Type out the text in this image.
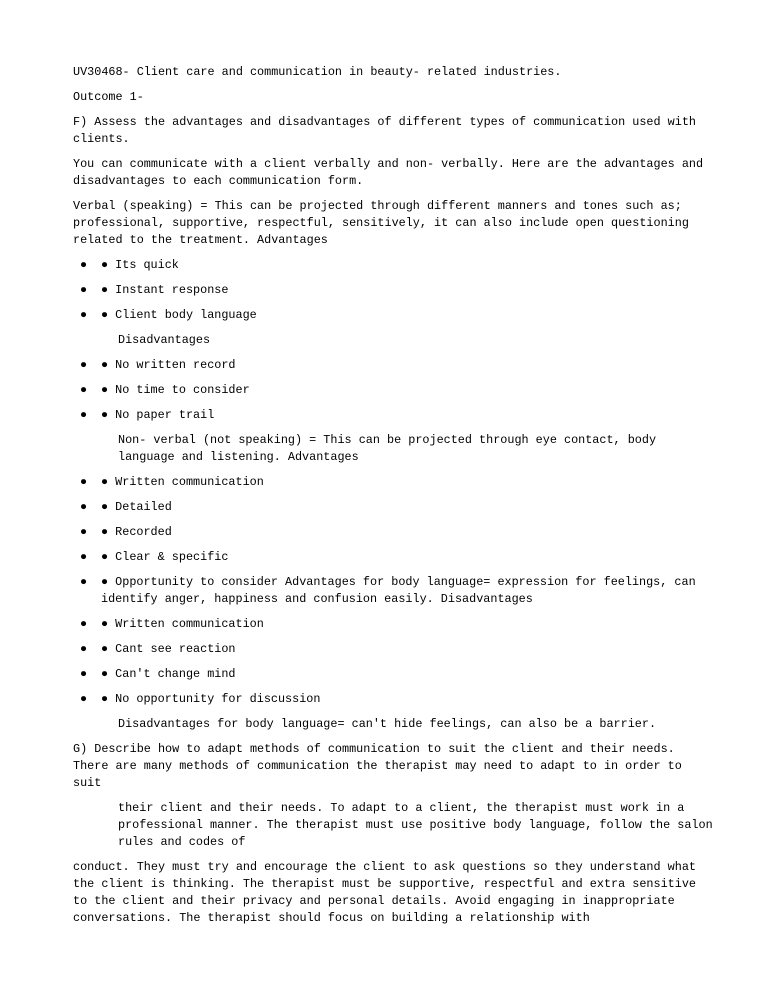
UV30468- Client care and communication in beauty- related industries.
Outcome 1-
F) Assess the advantages and disadvantages of different types of communication used with clients.
You can communicate with a client verbally and non- verbally. Here are the advantages and disadvantages to each communication form.
Verbal (speaking) = This can be projected through different manners and tones such as; professional, supportive, respectful, sensitively, it can also include open questioning related to the treatment. Advantages
● ● Its quick
● ● Instant response
● ● Client body language
Disadvantages
● ● No written record
● ● No time to consider
● ● No paper trail
Non- verbal (not speaking) = This can be projected through eye contact, body language and listening. Advantages
● ● Written communication
● ● Detailed
● ● Recorded
● ● Clear & specific
● ● Opportunity to consider Advantages for body language= expression for feelings, can identify anger, happiness and confusion easily. Disadvantages
● ● Written communication
● ● Cant see reaction
● ● Can't change mind
● ● No opportunity for discussion
Disadvantages for body language= can't hide feelings, can also be a barrier.
G) Describe how to adapt methods of communication to suit the client and their needs.
There are many methods of communication the therapist may need to adapt to in order to suit
their client and their needs. To adapt to a client, the therapist must work in a professional manner. The therapist must use positive body language, follow the salon rules and codes of
conduct. They must try and encourage the client to ask questions so they understand what the client is thinking. The therapist must be supportive, respectful and extra sensitive to the client and their privacy and personal details. Avoid engaging in inappropriate conversations. The therapist should focus on building a relationship with
